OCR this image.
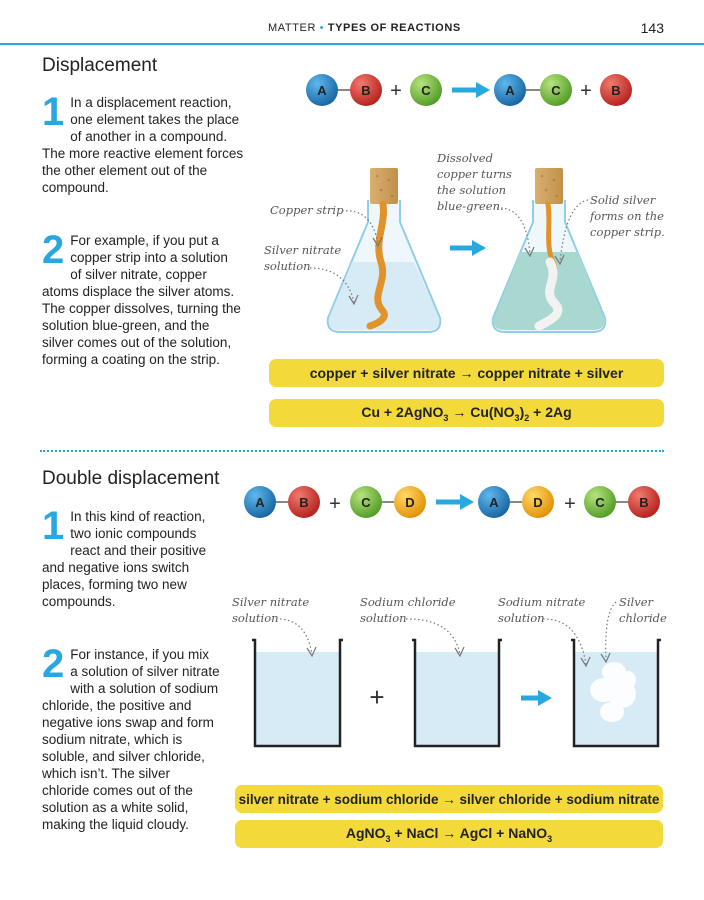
MATTER • TYPES OF REACTIONS	143
Displacement
1 In a displacement reaction, one element takes the place of another in a compound. The more reactive element forces the other element out of the compound.
2 For example, if you put a copper strip into a solution of silver nitrate, copper atoms displace the silver atoms. The copper dissolves, turning the solution blue-green, and the silver comes out of the solution, forming a coating on the strip.
A	B + C	A	C + B
Copper strip
Silver nitrate
solution
Dissolved
copper turns
the solution
blue-green.	Solid silver
forms on the
copper strip.
A	B + C	D	A	D + C	B
+
Silver nitrate
solution
Sodium chloride
solution
Sodium nitrate
solution
Silver
chloride
copper + silver nitrate → copper nitrate + silver
Cu + 2AgNO$_3$ → $Cu(NO_3)_2 + 2Ag$
Double displacement
1 In this kind of reaction, two ionic compounds react and their positive and negative ions switch places, forming two new compounds.
2 For instance, if you mix a solution of silver nitrate with a solution of sodium chloride, the positive and negative ions swap and form sodium nitrate, which is soluble, and silver chloride, which isn’t. The silver chloride comes out of the solution as a white solid, making the liquid cloudy.
silver nitrate + sodium chloride → silver chloride + sodium nitrate
AgNO$_3$ + NaCl → AgCl + NaNO$_3$
